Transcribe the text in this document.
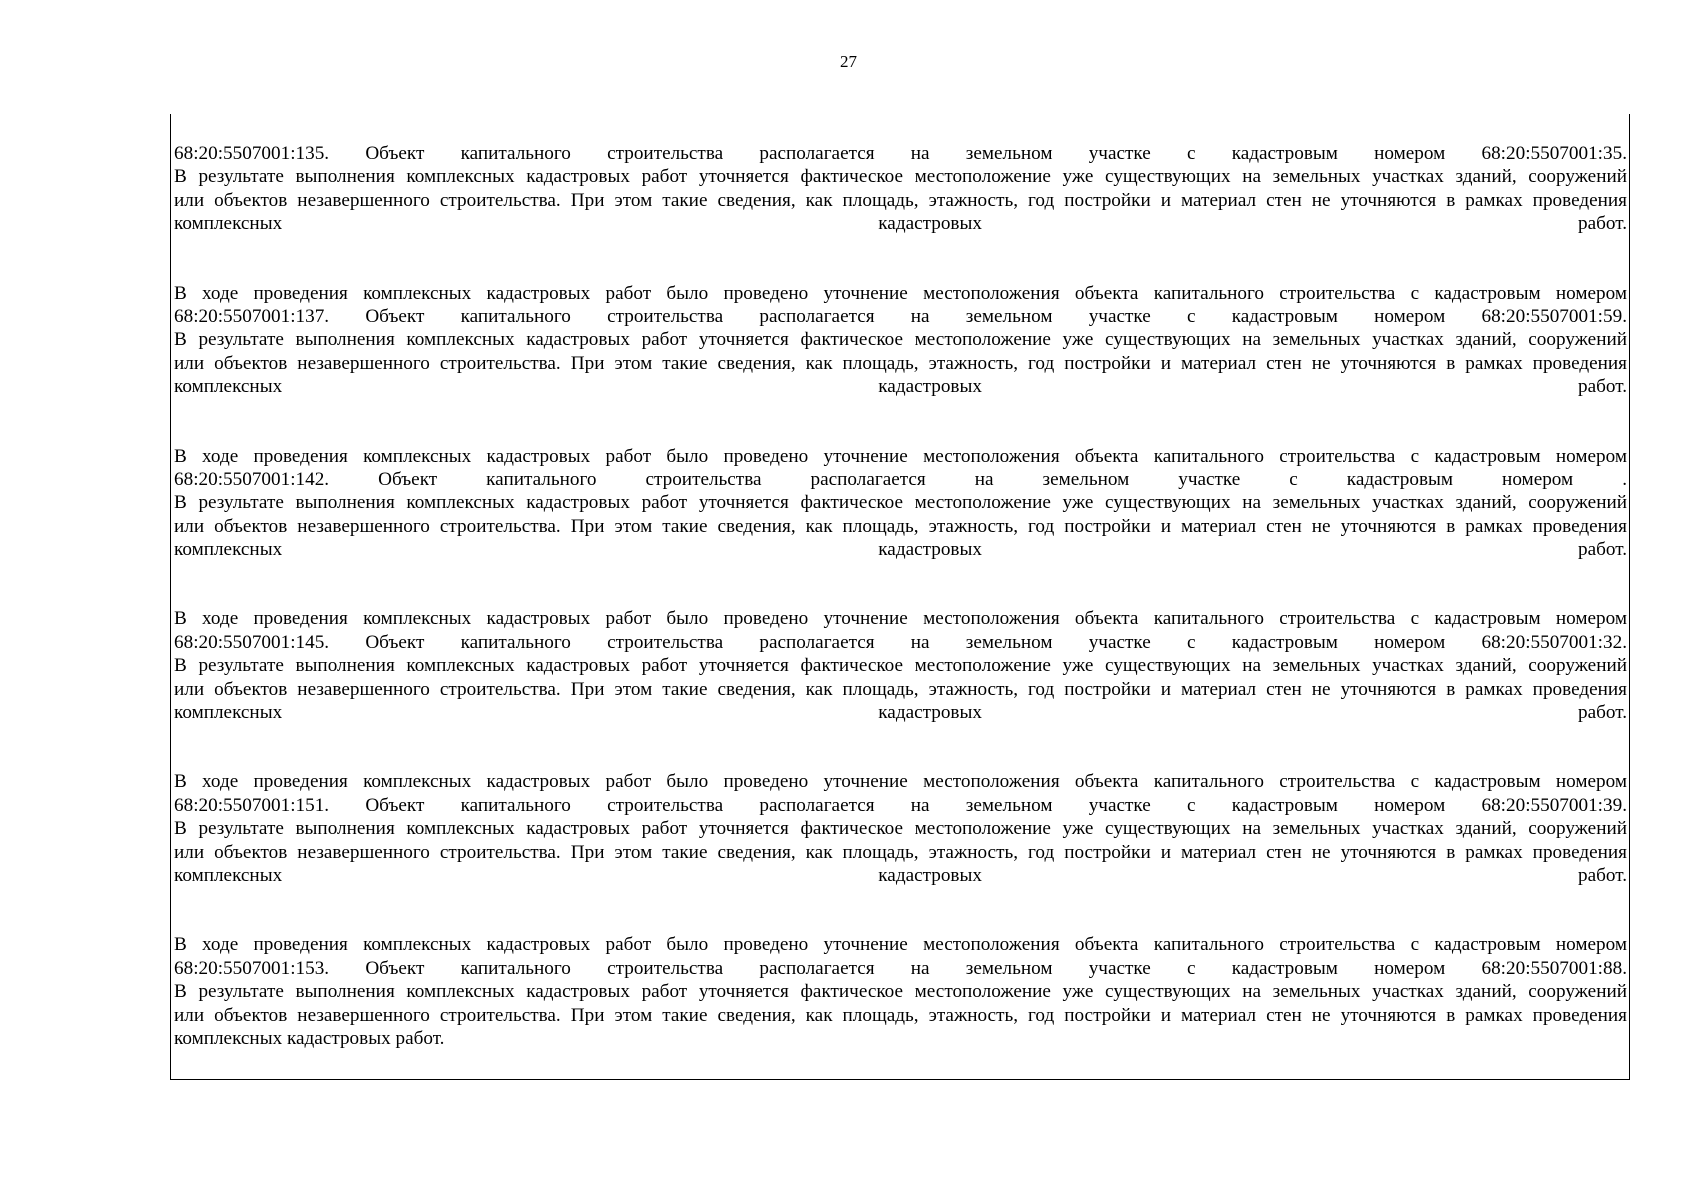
27
68:20:5507001:135. Объект капитального строительства располагается на земельном участке с кадастровым номером 68:20:5507001:35.
В результате выполнения комплексных кадастровых работ уточняется фактическое местоположение уже существующих на земельных участках зданий, сооружений
или объектов незавершенного строительства. При этом такие сведения, как площадь, этажность, год постройки и материал стен не уточняются в рамках проведения
комплексных кадастровых работ.
В ходе проведения комплексных кадастровых работ было проведено уточнение местоположения объекта капитального строительства с кадастровым номером
68:20:5507001:137. Объект капитального строительства располагается на земельном участке с кадастровым номером 68:20:5507001:59.
В результате выполнения комплексных кадастровых работ уточняется фактическое местоположение уже существующих на земельных участках зданий, сооружений
или объектов незавершенного строительства. При этом такие сведения, как площадь, этажность, год постройки и материал стен не уточняются в рамках проведения
комплексных кадастровых работ.
В ходе проведения комплексных кадастровых работ было проведено уточнение местоположения объекта капитального строительства с кадастровым номером
68:20:5507001:142. Объект капитального строительства располагается на земельном участке с кадастровым номером .
В результате выполнения комплексных кадастровых работ уточняется фактическое местоположение уже существующих на земельных участках зданий, сооружений
или объектов незавершенного строительства. При этом такие сведения, как площадь, этажность, год постройки и материал стен не уточняются в рамках проведения
комплексных кадастровых работ.
В ходе проведения комплексных кадастровых работ было проведено уточнение местоположения объекта капитального строительства с кадастровым номером
68:20:5507001:145. Объект капитального строительства располагается на земельном участке с кадастровым номером 68:20:5507001:32.
В результате выполнения комплексных кадастровых работ уточняется фактическое местоположение уже существующих на земельных участках зданий, сооружений
или объектов незавершенного строительства. При этом такие сведения, как площадь, этажность, год постройки и материал стен не уточняются в рамках проведения
комплексных кадастровых работ.
В ходе проведения комплексных кадастровых работ было проведено уточнение местоположения объекта капитального строительства с кадастровым номером
68:20:5507001:151. Объект капитального строительства располагается на земельном участке с кадастровым номером 68:20:5507001:39.
В результате выполнения комплексных кадастровых работ уточняется фактическое местоположение уже существующих на земельных участках зданий, сооружений
или объектов незавершенного строительства. При этом такие сведения, как площадь, этажность, год постройки и материал стен не уточняются в рамках проведения
комплексных кадастровых работ.
В ходе проведения комплексных кадастровых работ было проведено уточнение местоположения объекта капитального строительства с кадастровым номером
68:20:5507001:153. Объект капитального строительства располагается на земельном участке с кадастровым номером 68:20:5507001:88.
В результате выполнения комплексных кадастровых работ уточняется фактическое местоположение уже существующих на земельных участках зданий, сооружений
или объектов незавершенного строительства. При этом такие сведения, как площадь, этажность, год постройки и материал стен не уточняются в рамках проведения
комплексных кадастровых работ.
